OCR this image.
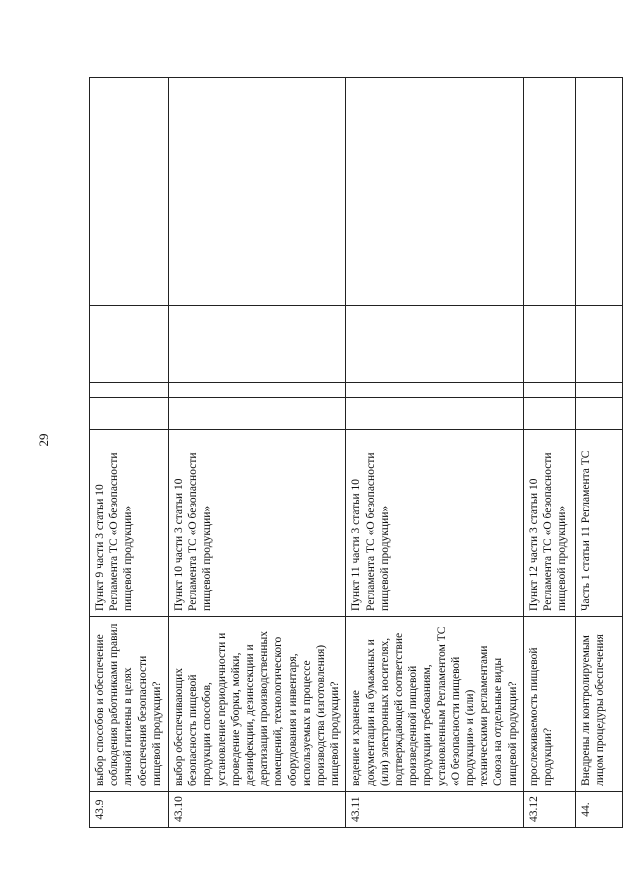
29
43.9	выбор способов и обеспечение соблюдения работниками правил личной гигиены в целях обеспечения безопасности пищевой продукции?	Пункт 9 части 3 статьи 10 Регламента ТС «О безопасности пищевой продукции»				
43.10	выбор обеспечивающих безопасность пищевой продукции способов, установление периодичности и проведение уборки, мойки, дезинфекции, дезинсекции и дератизации производственных помещений, технологического оборудования и инвентаря, используемых в процессе производства (изготовления) пищевой продукции?	Пункт 10 части 3 статьи 10 Регламента ТС «О безопасности пищевой продукции»				
43.11	ведение и хранение документации на бумажных и (или) электронных носителях, подтверждающей соответствие произведенной пищевой продукции требованиям, установленным Регламентом ТС «О безопасности пищевой продукции» и (или) техническими регламентами Союза на отдельные виды пищевой продукции?	Пункт 11 части 3 статьи 10 Регламента ТС «О безопасности пищевой продукции»				
43.12	прослеживаемость пищевой продукции?	Пункт 12 части 3 статьи 10 Регламента ТС «О безопасности пищевой продукции»				
44.	Внедрены ли контролируемым лицом процедуры обеспечения	Часть 1 статьи 11 Регламента ТС				
